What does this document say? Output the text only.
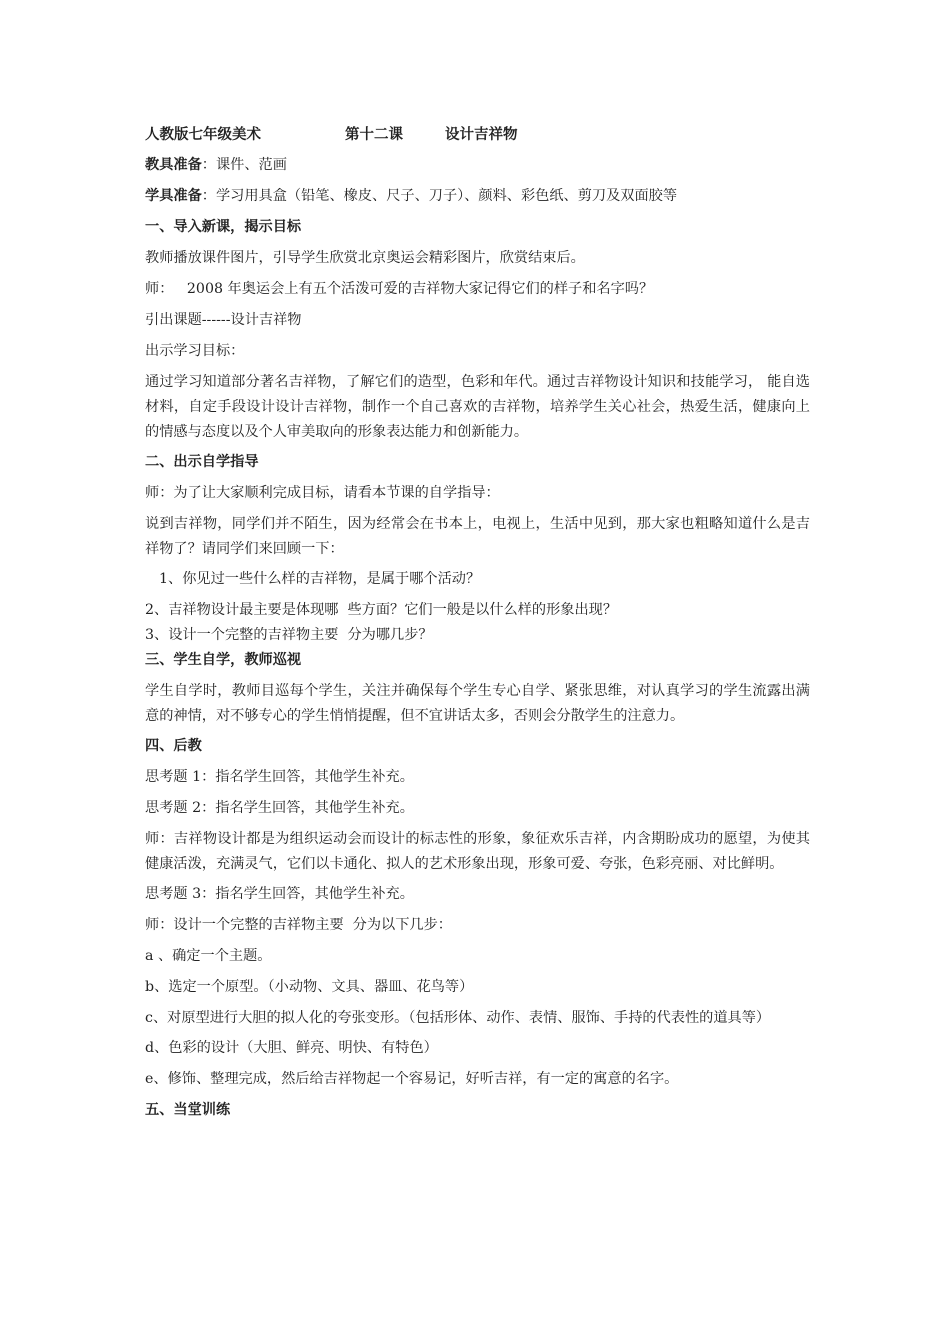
人教版七年级美术	第十二课	设计吉祥物
教具准备：课件、范画
学具准备：学习用具盒（铅笔、橡皮、尺子、刀子）、颜料、彩色纸、剪刀及双面胶等
一、导入新课，揭示目标
教师播放课件图片，引导学生欣赏北京奥运会精彩图片，欣赏结束后。
师：   2008 年奥运会上有五个活泼可爱的吉祥物大家记得它们的样子和名字吗？
引出课题------设计吉祥物
出示学习目标：
通过学习知道部分著名吉祥物，了解它们的造型，色彩和年代。通过吉祥物设计知识和技能学习， 能自选材料，自定手段设计设计吉祥物，制作一个自己喜欢的吉祥物，培养学生关心社会，热爱生活，健康向上的情感与态度以及个人审美取向的形象表达能力和创新能力。
二、出示自学指导
师：为了让大家顺利完成目标，请看本节课的自学指导：
说到吉祥物，同学们并不陌生，因为经常会在书本上，电视上，生活中见到，那大家也粗略知道什么是吉祥物了？请同学们来回顾一下：
1、你见过一些什么样的吉祥物，是属于哪个活动？
2、吉祥物设计最主要是体现哪  些方面？它们一般是以什么样的形象出现？
3、设计一个完整的吉祥物主要  分为哪几步？
三、学生自学，教师巡视
学生自学时，教师目巡每个学生，关注并确保每个学生专心自学、紧张思维，对认真学习的学生流露出满意的神情，对不够专心的学生悄悄提醒，但不宜讲话太多，否则会分散学生的注意力。
四、后教
思考题 1：指名学生回答，其他学生补充。
思考题 2：指名学生回答，其他学生补充。
师：吉祥物设计都是为组织运动会而设计的标志性的形象，象征欢乐吉祥，内含期盼成功的愿望，为使其健康活泼，充满灵气，它们以卡通化、拟人的艺术形象出现，形象可爱、夸张，色彩亮丽、对比鲜明。
思考题 3：指名学生回答，其他学生补充。
师：设计一个完整的吉祥物主要  分为以下几步：
a 、确定一个主题。
b、选定一个原型。（小动物、文具、器皿、花鸟等）
c、对原型进行大胆的拟人化的夸张变形。（包括形体、动作、表情、服饰、手持的代表性的道具等）
d、色彩的设计（大胆、鲜亮、明快、有特色）
e、修饰、整理完成，然后给吉祥物起一个容易记，好听吉祥，有一定的寓意的名字。
五、当堂训练
